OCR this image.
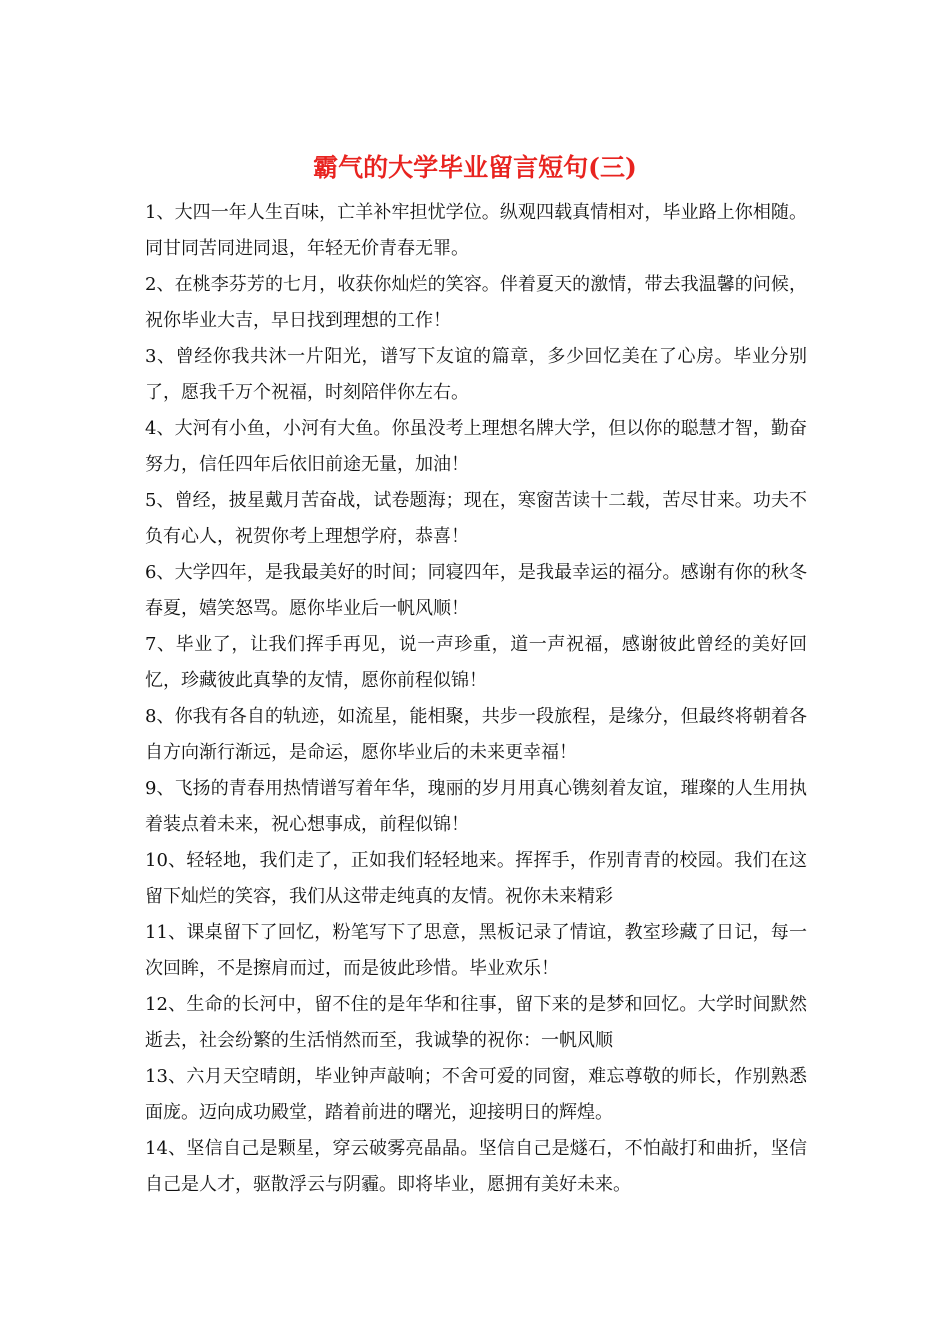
霸气的大学毕业留言短句(三)

1、大四一年人生百味，亡羊补牢担忧学位。纵观四载真情相对，毕业路上你相随。同甘同苦同进同退，年轻无价青春无罪。

2、在桃李芬芳的七月，收获你灿烂的笑容。伴着夏天的激情，带去我温馨的问候，祝你毕业大吉，早日找到理想的工作！

3、曾经你我共沐一片阳光，谱写下友谊的篇章，多少回忆美在了心房。毕业分别了，愿我千万个祝福，时刻陪伴你左右。

4、大河有小鱼，小河有大鱼。你虽没考上理想名牌大学，但以你的聪慧才智，勤奋努力，信任四年后依旧前途无量，加油！

5、曾经，披星戴月苦奋战，试卷题海；现在，寒窗苦读十二载，苦尽甘来。功夫不负有心人，祝贺你考上理想学府，恭喜！

6、大学四年，是我最美好的时间；同寝四年，是我最幸运的福分。感谢有你的秋冬春夏，嬉笑怒骂。愿你毕业后一帆风顺！

7、毕业了，让我们挥手再见，说一声珍重，道一声祝福，感谢彼此曾经的美好回忆，珍藏彼此真挚的友情，愿你前程似锦！

8、你我有各自的轨迹，如流星，能相聚，共步一段旅程，是缘分，但最终将朝着各自方向渐行渐远，是命运，愿你毕业后的未来更幸福！

9、飞扬的青春用热情谱写着年华，瑰丽的岁月用真心镌刻着友谊，璀璨的人生用执着装点着未来，祝心想事成，前程似锦！

10、轻轻地，我们走了，正如我们轻轻地来。挥挥手，作别青青的校园。我们在这留下灿烂的笑容，我们从这带走纯真的友情。祝你未来精彩

11、课桌留下了回忆，粉笔写下了思意，黑板记录了情谊，教室珍藏了日记，每一次回眸，不是擦肩而过，而是彼此珍惜。毕业欢乐！

12、生命的长河中，留不住的是年华和往事，留下来的是梦和回忆。大学时间默然逝去，社会纷繁的生活悄然而至，我诚挚的祝你：一帆风顺

13、六月天空晴朗，毕业钟声敲响；不舍可爱的同窗，难忘尊敬的师长，作别熟悉面庞。迈向成功殿堂，踏着前进的曙光，迎接明日的辉煌。

14、坚信自己是颗星，穿云破雾亮晶晶。坚信自己是燧石，不怕敲打和曲折，坚信自己是人才，驱散浮云与阴霾。即将毕业，愿拥有美好未来。
